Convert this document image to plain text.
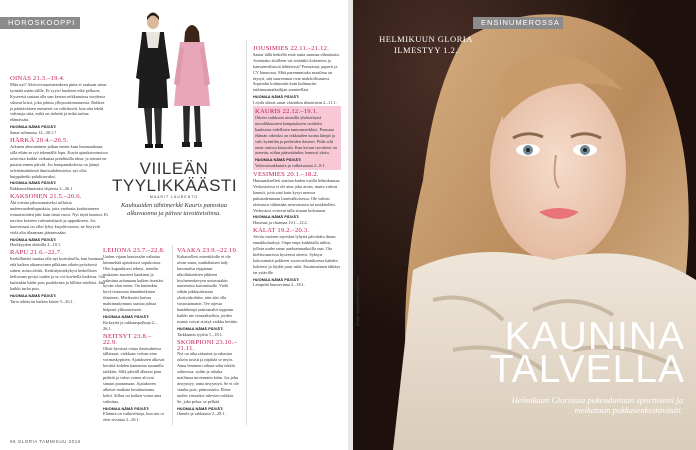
HOROSKOOPPI
OINAS 21.3.–19.4.

Mitä nyt? Aktivoivuuraineenkeen pinta ei saakaan sinua tyrmätä mään sällle. Et syysti huokeen eikä pelkoon. Kyseessä saattaa olla uan kerran seikkamässa vuodessa siksesä kriisi, joka johtuu yllöpoottimaansesta. Rohkea ja päättäväinen asenteesi on valttikortti, kun alat tehdä valintoja siitä, mikä on tärkeää ja mikä turhaa elämässäsi.

HUOMAA NÄMÄ PÄIVÄT:

Sanat suhmassa 12.–30.1.?

HÄRKÄ 20.4.–20.5.

Arkinen ahertaminen jatkuu ennen kuin huomaatkaan, sillä eihän se työ tekemällä lopu. Kuvia ajatuksiminoissa aristoista kaikki vaikuttaa pohdituilla ideat, ja toteuta ne paraita ennen päivää. Jos hampaankolossa on jäänyt selvittämättömiä ihmissuhdeasioita, nyt olisi huippuhetki pohdittavaksi.

HUOMAA NÄMÄ PÄIVÄT:

Rakkauselämässäsi ohjeesta 2.–26.1

KAKSONEN 21.5.–20.6.

Älä toteuta jakonomaiseksi sellaisia uudenvuodenlupauksia, joita vanhasta kouluttaneen rotuaristöiden jätit kuin tämä vuosi. Nyt täytä kuntosi, Et tarvitse kesteen vahvuntalaarit ja uppuäkseen. Jos haaveissasi on ollut lyhyt kirjaftivuoron, ne löytyvät vielä alta tilaamaan jäärinessään.

HUOMAA NÄMÄ PÄIVÄT:

Herkkyyden ehdoilla 2.–10.1.

RAPU 21.6.–22.7.

Itsehillintäsi saattaa olla nyt koetuksella, kun huomaat, että kaiken aikanvoinen pilkkaan oikein pyöräsesti suhen, mista aloitit. Keskittymiskykysi hetkellisen heiluvaan pystyi tuulee ja se voi kuvitella kaikissa: Ota kuitenkin kädet pois poukkeista ja hillitse mieltäsi. Jätä kaikki turha pois.

HUOMAA NÄMÄ PÄIVÄT:

Tarto tehtäviin kaiken kästet 5.–26.1.

VIILEÄN
TYYLIKKÄÄSTI
MAARIT LAURENTO
Kauhuaiden tähtimerkki Kauris panostaa alkuvuonna ja päivee tavoitteisiinsa.
LEIJONA 23.7.–22.8.

Uuden vijaan kuntosalin valintua kimmeltää ajatuksissi sopukoissa. Olet kupaukisesi tehnyt, trendin mukaiset asusteet hankinut ja valmiina aritamaan kaiken itsestäsi hyvän olon eteen. On kuitenkin hyvä testauttaa tämänhetkinen tilanteesi. Mielessäsi kaivaa mahtimattomuus saattaa johtaa helposti ylikuntoiseen.

HUOMAA NÄMÄ PÄIVÄT:

Kirkeyttä ja rakkauspolkuja 2.–26.1.

NEITSYT 23.8.–22.9.

Olisit hyvässä virtaa ihmisuhteisa tällaisaat, viekkaus voittaa aina vormaskypttien. Ajatukseen alkavat kevättä kohden kannattaa suunnilla tarkkiin. Sillä päiväll alkavat pian pidettä ja valon voima alcivat sinuun puraamaan. Ajatukseen alkavat matkata kesäituntuma kohti. Sillon on kaiken virtaa aina valmiina.

HUOMAA NÄMÄ PÄIVÄT:

Eläimiä on vaihtoehtoja, kun sen oi olen sivuttaa 2.–26.1.

VAAKA 23.9.–22.10.

Kaltaisellesi esteettikolle ei ole aivan sama, minkälainen lady kuonnulsu reppisaan ulkoilukenkien jäkkeen hoyhenenkevyen untuvatakin uumenista kaivautuulle. Vielä vähän pikkusirkautta yksityiskohtiin, niin alat olla vastustamaton. Tee arjesta haudekenpi saattomaltii toppuun kaikki nie visuaalisetkin, joiden ruusut voivat siirtyä vaikka kesään.

HUOMAA NÄMÄ PÄIVÄT:

Tarkkuutta tyytiin 1.–18.1.

SKORPIONI 23.10.–21.11.

Nyt on aika rakastua ja rakastaa oikein tosisti ja nipittää se myös. Anna lemmen roihuta sekä tekkiä suhteessa, sydän ja ruhaka mailimaa moiemmin kään. Jos joku ärsyyntyy, anna ärsyyntyä. Se ei ole sinulta pois, päinvastoin. Elene uuden virtaaiksi tulevien roikkia. Se, joka pelaa, se pelkää.

HUOMAA NÄMÄ PÄIVÄT:

Onnela ja rakkautta 2.–28.1.

JOUSIMIES 22.11.–21.12.

Saatat tällä hetkellä etsiä uutta suuntaa elämässäsi. Asettuako aloilleen vai siirtääkö kokeneesi ja kansainvälisissä tehtävissä? Perusasiat, paperit ja CV kunnossa. Mitä parenmmiako maailma on täysyä, sitä suuremmat ovat mahdollisuutesi. Sopeudut kulttuuriin kuin kulttuuriin tutkimusmatkailijan asenteellasi.

HUOMAA NÄMÄ PÄIVÄT:

Löydä oikeat sanat väärinkin tilanteisiin 2.–11.1.

KAURIS 22.12.–19.1.

Oikein vaikkutta aivasilla yhdistettynä moodikkaaseen kampaukseen sisältäisi kauhuisia todellinen tunnusmerkkisi. Parastaa elämän oikeaksi on rakkauden tuoma lämpö ja valo kynttilän ja perheiden ihmiset. Pidät silti omat omissa käsissäsi. Kun kerran tavoitteet on asetettu, niihin pääsetäänkin lennosti yksin.

HUOMAA NÄMÄ PÄIVÄT:

Valovoimakkuutta ja valkoisuutta 2.–8.1.

VESIMIES 20.1.–18.2.

Humaauksellesi siaittaa kuden tosilla helmikuussa. Verkostoissa ei ole aina joku aivan, mutta vahvat kauniit, joita sinä kuin kysyt neuvoa puhtaudenmaan lumivalkoisessa. Ole valmis olemassa vähintään neuvomassa tai mutkitellen. Verkostosi voisivat tulla sinuun kokonaan.

HUOMAA NÄMÄ PÄIVÄT:

Huomaa ja charmaa 10.1.–12.2.

KALAT 19.2.–20.3.

Aivita vuoteen myöskin lyhyitä päivittäin ilman ennakkoluuloja. Onpa empi kaikkialla niihin, jolloin uudet sanat aueksenmatkoilla saat. Ota kiellessuuressa kyseessä otteesi. Syksyn kokoontuitä pokkeen vuorovaikutuksessa kahden kohteesi ja löydät juuri niitä. Ensimmäinen tähtäys on ystäville.

HUOMAA NÄMÄ PÄIVÄT:

Lempeää lumoevinaa 2.–18.1.

66 GLORIA TAMMIKUU 2016
ENSINUMEROSSA
HELMIKUUN GLORIA ILMESTYY 1.2.
KAUNINA
TALVELLA
Helmikuun Gloriassa pukeuduttaan sporttisesti ja meikataan pakkasenkestäväsiti.
(Photo: istockphoto.com/Gloria)
